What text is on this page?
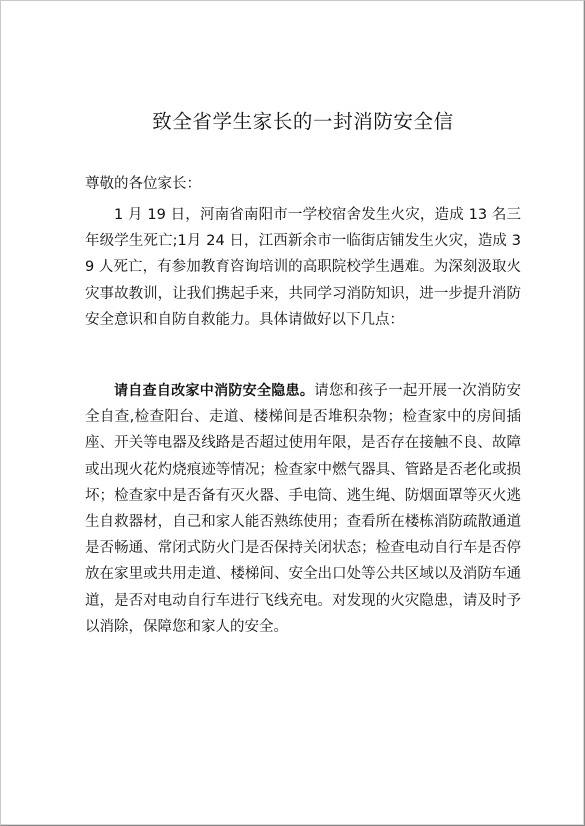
致全省学生家长的一封消防安全信

尊敬的各位家长：

1 月 19 日，河南省南阳市一学校宿舍发生火灾，造成 13 名三年级学生死亡;1月 24 日，江西新余市一临街店铺发生火灾，造成 39 人死亡，有参加教育咨询培训的高职院校学生遇难。为深刻汲取火灾事故教训，让我们携起手来，共同学习消防知识，进一步提升消防安全意识和自防自救能力。具体请做好以下几点：

请自查自改家中消防安全隐患。请您和孩子一起开展一次消防安全自查,检查阳台、走道、楼梯间是否堆积杂物；检查家中的房间插座、开关等电器及线路是否超过使用年限，是否存在接触不良、故障或出现火花灼烧痕迹等情况；检查家中燃气器具、管路是否老化或损坏；检查家中是否备有灭火器、手电筒、逃生绳、防烟面罩等灭火逃生自救器材，自己和家人能否熟练使用；查看所在楼栋消防疏散通道是否畅通、常闭式防火门是否保持关闭状态；检查电动自行车是否停放在家里或共用走道、楼梯间、安全出口处等公共区域以及消防车通道，是否对电动自行车进行飞线充电。对发现的火灾隐患，请及时予以消除，保障您和家人的安全。
